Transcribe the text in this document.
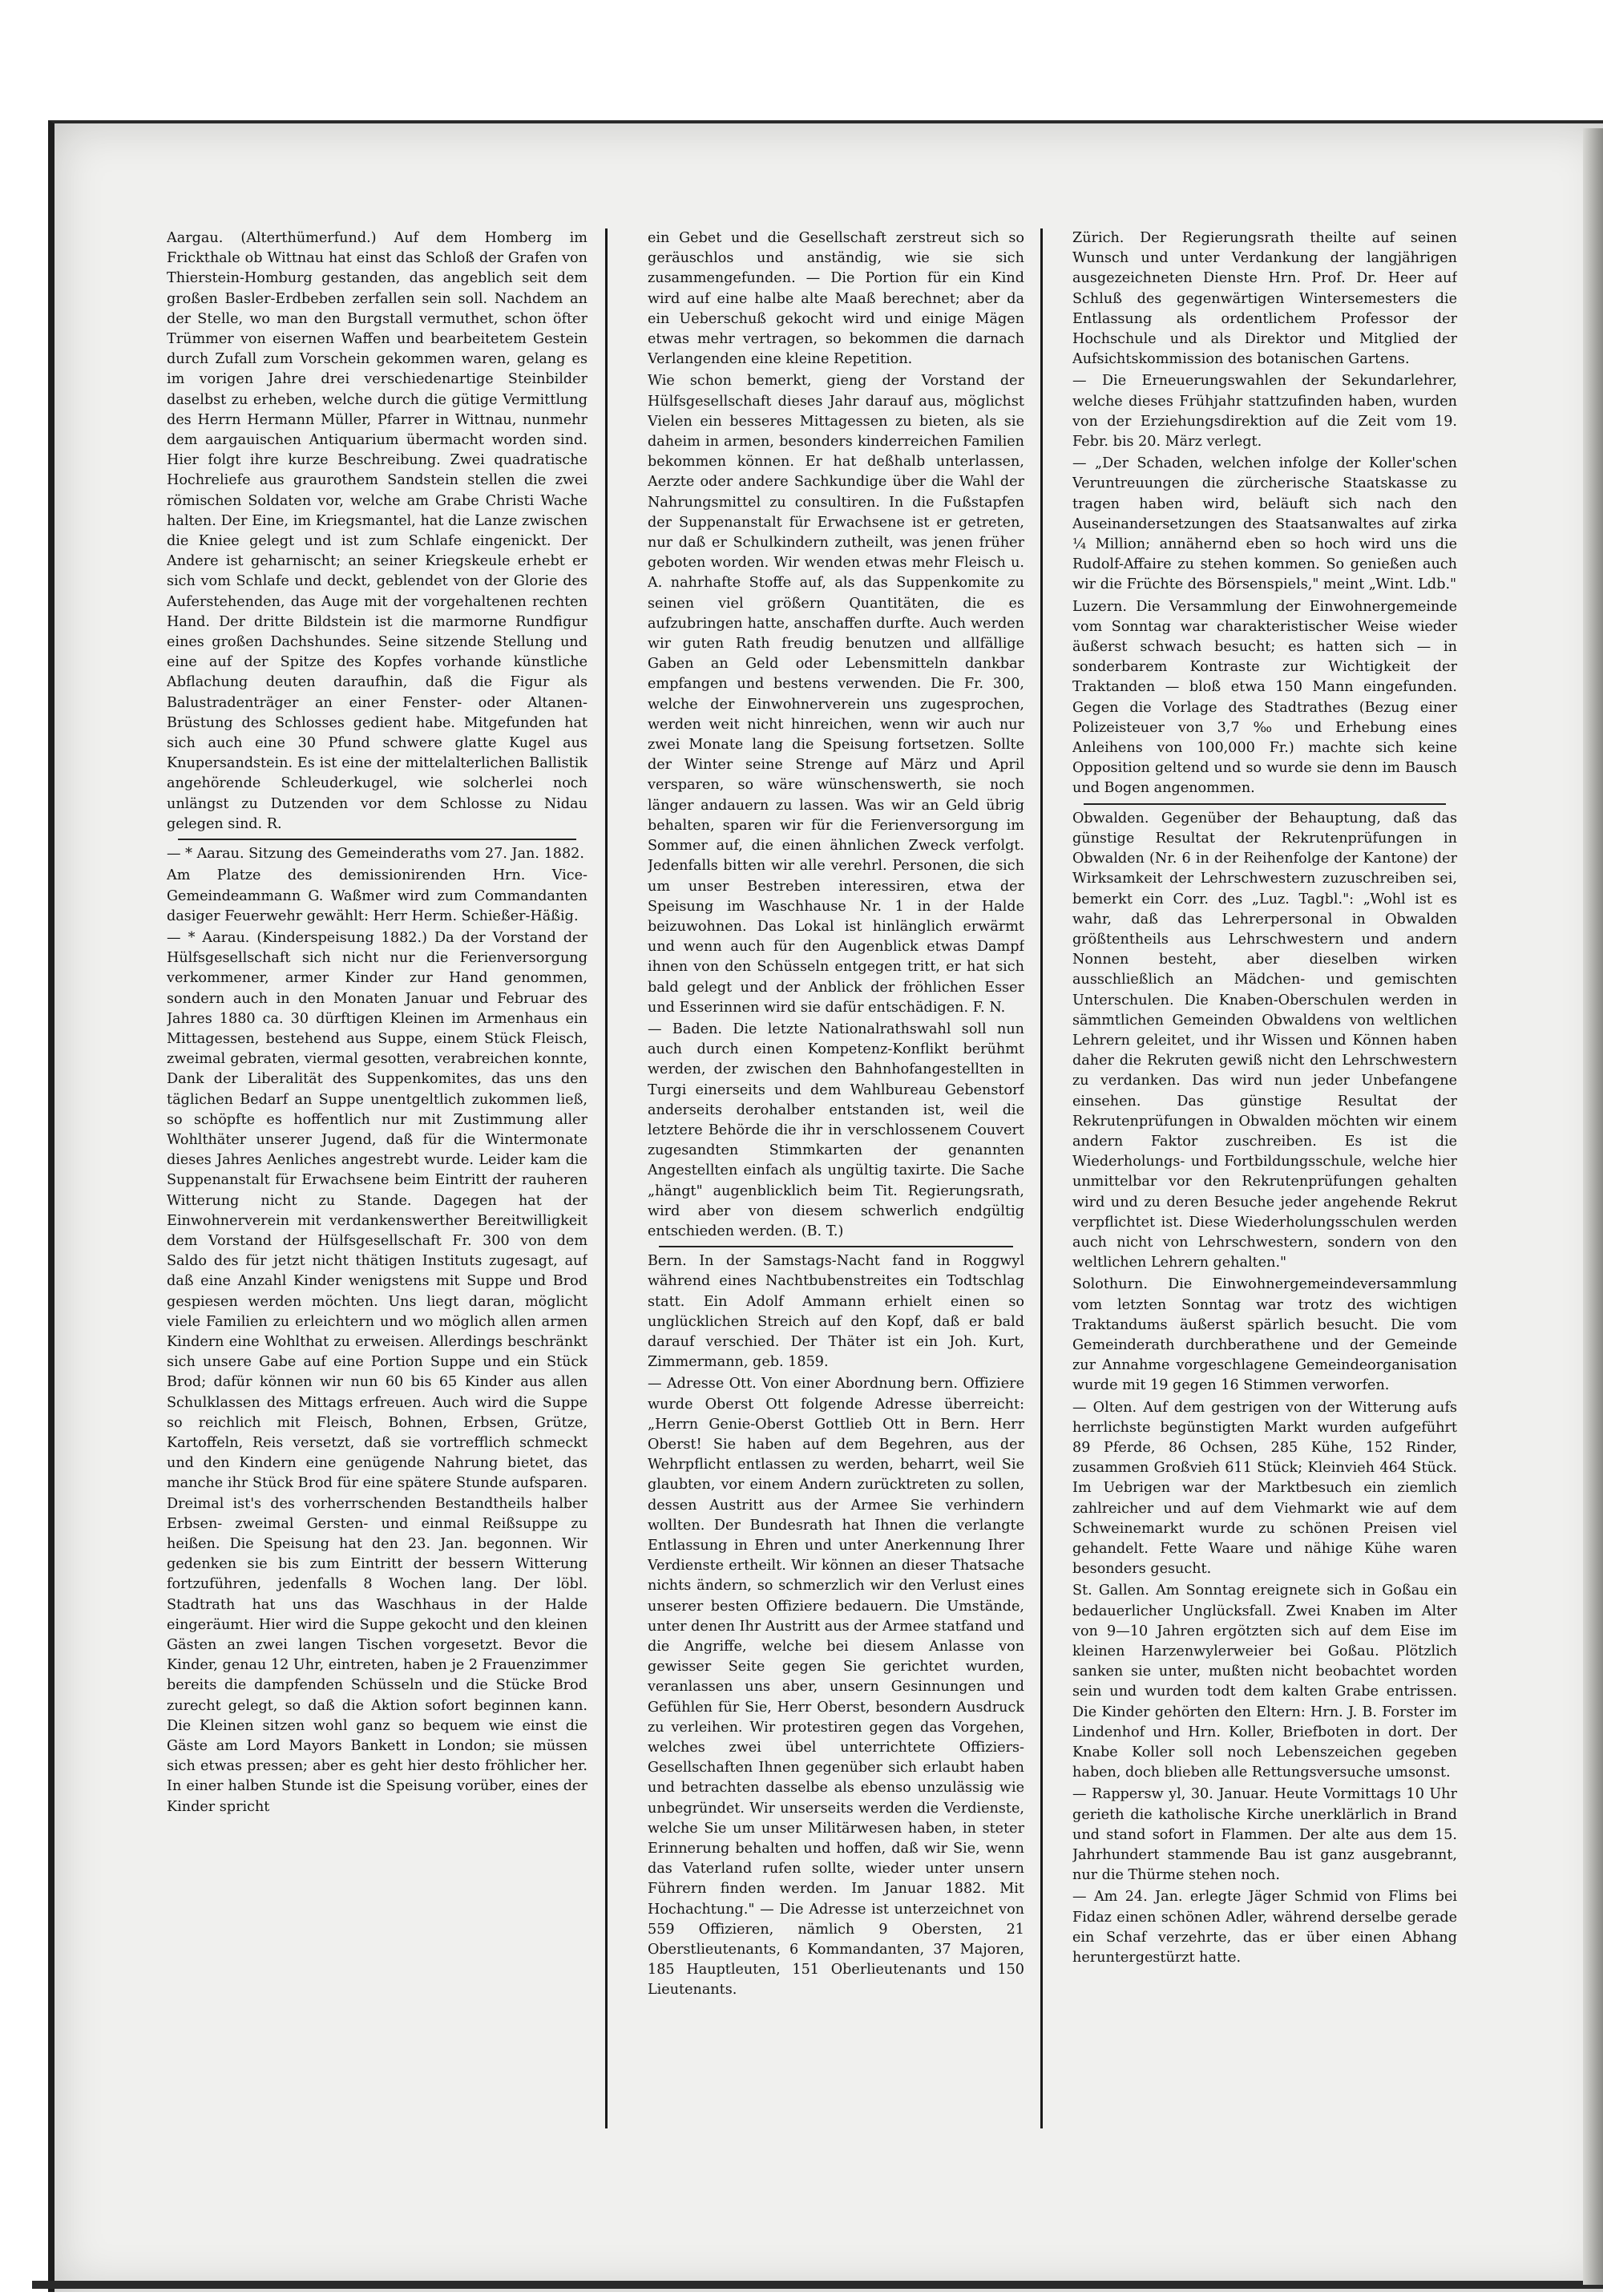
Aargau. (Alterthümerfund.) Auf dem Homberg im Frickthale ob Wittnau hat einst das Schloß der Grafen von Thierstein-Homburg gestanden, das angeblich seit dem großen Basler-Erdbeben zerfallen sein soll. Nachdem an der Stelle, wo man den Burgstall vermuthet, schon öfter Trümmer von eisernen Waffen und bearbeitetem Gestein durch Zufall zum Vorschein gekommen waren, gelang es im vorigen Jahre drei verschiedenartige Steinbilder daselbst zu erheben, welche durch die gütige Vermittlung des Herrn Hermann Müller, Pfarrer in Wittnau, nunmehr dem aargauischen Antiquarium übermacht worden sind. Hier folgt ihre kurze Beschreibung. Zwei quadratische Hochreliefe aus graurothem Sandstein stellen die zwei römischen Soldaten vor, welche am Grabe Christi Wache halten. Der Eine, im Kriegsmantel, hat die Lanze zwischen die Kniee gelegt und ist zum Schlafe eingenickt. Der Andere ist geharnischt; an seiner Kriegskeule erhebt er sich vom Schlafe und deckt, geblendet von der Glorie des Auferstehenden, das Auge mit der vorgehaltenen rechten Hand. Der dritte Bildstein ist die marmorne Rundfigur eines großen Dachshundes. Seine sitzende Stellung und eine auf der Spitze des Kopfes vorhande künstliche Abflachung deuten daraufhin, daß die Figur als Balustradenträger an einer Fenster- oder Altanen-Brüstung des Schlosses gedient habe. Mitgefunden hat sich auch eine 30 Pfund schwere glatte Kugel aus Knupersandstein. Es ist eine der mittelalterlichen Ballistik angehörende Schleuderkugel, wie solcherlei noch unlängst zu Dutzenden vor dem Schlosse zu Nidau gelegen sind. R.

— * Aarau. Sitzung des Gemeinderaths vom 27. Jan. 1882.

Am Platze des demissionirenden Hrn. Vice-Gemeindeammann G. Waßmer wird zum Commandanten dasiger Feuerwehr gewählt: Herr Herm. Schießer-Häßig.

— * Aarau. (Kinderspeisung 1882.) Da der Vorstand der Hülfsgesellschaft sich nicht nur die Ferienversorgung verkommener, armer Kinder zur Hand genommen, sondern auch in den Monaten Januar und Februar des Jahres 1880 ca. 30 dürftigen Kleinen im Armenhaus ein Mittagessen, bestehend aus Suppe, einem Stück Fleisch, zweimal gebraten, viermal gesotten, verabreichen konnte, Dank der Liberalität des Suppenkomites, das uns den täglichen Bedarf an Suppe unentgeltlich zukommen ließ, so schöpfte es hoffentlich nur mit Zustimmung aller Wohlthäter unserer Jugend, daß für die Wintermonate dieses Jahres Aenliches angestrebt wurde. Leider kam die Suppenanstalt für Erwachsene beim Eintritt der rauheren Witterung nicht zu Stande. Dagegen hat der Einwohnerverein mit verdankenswerther Bereitwilligkeit dem Vorstand der Hülfsgesellschaft Fr. 300 von dem Saldo des für jetzt nicht thätigen Instituts zugesagt, auf daß eine Anzahl Kinder wenigstens mit Suppe und Brod gespiesen werden möchten. Uns liegt daran, möglicht viele Familien zu erleichtern und wo möglich allen armen Kindern eine Wohlthat zu erweisen. Allerdings beschränkt sich unsere Gabe auf eine Portion Suppe und ein Stück Brod; dafür können wir nun 60 bis 65 Kinder aus allen Schulklassen des Mittags erfreuen. Auch wird die Suppe so reichlich mit Fleisch, Bohnen, Erbsen, Grütze, Kartoffeln, Reis versetzt, daß sie vortrefflich schmeckt und den Kindern eine genügende Nahrung bietet, das manche ihr Stück Brod für eine spätere Stunde aufsparen. Dreimal ist's des vorherrschenden Bestandtheils halber Erbsen- zweimal Gersten- und einmal Reißsuppe zu heißen. Die Speisung hat den 23. Jan. begonnen. Wir gedenken sie bis zum Eintritt der bessern Witterung fortzuführen, jedenfalls 8 Wochen lang. Der löbl. Stadtrath hat uns das Waschhaus in der Halde eingeräumt. Hier wird die Suppe gekocht und den kleinen Gästen an zwei langen Tischen vorgesetzt. Bevor die Kinder, genau 12 Uhr, eintreten, haben je 2 Frauenzimmer bereits die dampfenden Schüsseln und die Stücke Brod zurecht gelegt, so daß die Aktion sofort beginnen kann. Die Kleinen sitzen wohl ganz so bequem wie einst die Gäste am Lord Mayors Bankett in London; sie müssen sich etwas pressen; aber es geht hier desto fröhlicher her. In einer halben Stunde ist die Speisung vorüber, eines der Kinder spricht

ein Gebet und die Gesellschaft zerstreut sich so geräuschlos und anständig, wie sie sich zusammengefunden. — Die Portion für ein Kind wird auf eine halbe alte Maaß berechnet; aber da ein Ueberschuß gekocht wird und einige Mägen etwas mehr vertragen, so bekommen die darnach Verlangenden eine kleine Repetition.

Wie schon bemerkt, gieng der Vorstand der Hülfsgesellschaft dieses Jahr darauf aus, möglichst Vielen ein besseres Mittagessen zu bieten, als sie daheim in armen, besonders kinderreichen Familien bekommen können. Er hat deßhalb unterlassen, Aerzte oder andere Sachkundige über die Wahl der Nahrungsmittel zu consultiren. In die Fußstapfen der Suppenanstalt für Erwachsene ist er getreten, nur daß er Schulkindern zutheilt, was jenen früher geboten worden. Wir wenden etwas mehr Fleisch u. A. nahrhafte Stoffe auf, als das Suppenkomite zu seinen viel größern Quantitäten, die es aufzubringen hatte, anschaffen durfte. Auch werden wir guten Rath freudig benutzen und allfällige Gaben an Geld oder Lebensmitteln dankbar empfangen und bestens verwenden. Die Fr. 300, welche der Einwohnerverein uns zugesprochen, werden weit nicht hinreichen, wenn wir auch nur zwei Monate lang die Speisung fortsetzen. Sollte der Winter seine Strenge auf März und April versparen, so wäre wünschenswerth, sie noch länger andauern zu lassen. Was wir an Geld übrig behalten, sparen wir für die Ferienversorgung im Sommer auf, die einen ähnlichen Zweck verfolgt. Jedenfalls bitten wir alle verehrl. Personen, die sich um unser Bestreben interessiren, etwa der Speisung im Waschhause Nr. 1 in der Halde beizuwohnen. Das Lokal ist hinlänglich erwärmt und wenn auch für den Augenblick etwas Dampf ihnen von den Schüsseln entgegen tritt, er hat sich bald gelegt und der Anblick der fröhlichen Esser und Esserinnen wird sie dafür entschädigen. F. N.

— Baden. Die letzte Nationalrathswahl soll nun auch durch einen Kompetenz-Konflikt berühmt werden, der zwischen den Bahnhofangestellten in Turgi einerseits und dem Wahlbureau Gebenstorf anderseits derohalber entstanden ist, weil die letztere Behörde die ihr in verschlossenem Couvert zugesandten Stimmkarten der genannten Angestellten einfach als ungültig taxirte. Die Sache „hängt" augenblicklich beim Tit. Regierungsrath, wird aber von diesem schwerlich endgültig entschieden werden. (B. T.)

Bern. In der Samstags-Nacht fand in Roggwyl während eines Nachtbubenstreites ein Todtschlag statt. Ein Adolf Ammann erhielt einen so unglücklichen Streich auf den Kopf, daß er bald darauf verschied. Der Thäter ist ein Joh. Kurt, Zimmermann, geb. 1859.

— Adresse Ott. Von einer Abordnung bern. Offiziere wurde Oberst Ott folgende Adresse überreicht: „Herrn Genie-Oberst Gottlieb Ott in Bern. Herr Oberst! Sie haben auf dem Begehren, aus der Wehrpflicht entlassen zu werden, beharrt, weil Sie glaubten, vor einem Andern zurücktreten zu sollen, dessen Austritt aus der Armee Sie verhindern wollten. Der Bundesrath hat Ihnen die verlangte Entlassung in Ehren und unter Anerkennung Ihrer Verdienste ertheilt. Wir können an dieser Thatsache nichts ändern, so schmerzlich wir den Verlust eines unserer besten Offiziere bedauern. Die Umstände, unter denen Ihr Austritt aus der Armee statfand und die Angriffe, welche bei diesem Anlasse von gewisser Seite gegen Sie gerichtet wurden, veranlassen uns aber, unsern Gesinnungen und Gefühlen für Sie, Herr Oberst, besondern Ausdruck zu verleihen. Wir protestiren gegen das Vorgehen, welches zwei übel unterrichtete Offiziers-Gesellschaften Ihnen gegenüber sich erlaubt haben und betrachten dasselbe als ebenso unzulässig wie unbegründet. Wir unserseits werden die Verdienste, welche Sie um unser Militärwesen haben, in steter Erinnerung behalten und hoffen, daß wir Sie, wenn das Vaterland rufen sollte, wieder unter unsern Führern finden werden. Im Januar 1882. Mit Hochachtung." — Die Adresse ist unterzeichnet von 559 Offizieren, nämlich 9 Obersten, 21 Oberstlieutenants, 6 Kommandanten, 37 Majoren, 185 Hauptleuten, 151 Oberlieutenants und 150 Lieutenants.

Zürich. Der Regierungsrath theilte auf seinen Wunsch und unter Verdankung der langjährigen ausgezeichneten Dienste Hrn. Prof. Dr. Heer auf Schluß des gegenwärtigen Wintersemesters die Entlassung als ordentlichem Professor der Hochschule und als Direktor und Mitglied der Aufsichtskommission des botanischen Gartens.

— Die Erneuerungswahlen der Sekundarlehrer, welche dieses Frühjahr stattzufinden haben, wurden von der Erziehungsdirektion auf die Zeit vom 19. Febr. bis 20. März verlegt.

— „Der Schaden, welchen infolge der Koller'schen Veruntreuungen die zürcherische Staatskasse zu tragen haben wird, beläuft sich nach den Auseinandersetzungen des Staatsanwaltes auf zirka ¼ Million; annähernd eben so hoch wird uns die Rudolf-Affaire zu stehen kommen. So genießen auch wir die Früchte des Börsenspiels," meint „Wint. Ldb."

Luzern. Die Versammlung der Einwohnergemeinde vom Sonntag war charakteristischer Weise wieder äußerst schwach besucht; es hatten sich — in sonderbarem Kontraste zur Wichtigkeit der Traktanden — bloß etwa 150 Mann eingefunden. Gegen die Vorlage des Stadtrathes (Bezug einer Polizeisteuer von 3,7 ‰ und Erhebung eines Anleihens von 100,000 Fr.) machte sich keine Opposition geltend und so wurde sie denn im Bausch und Bogen angenommen.

Obwalden. Gegenüber der Behauptung, daß das günstige Resultat der Rekrutenprüfungen in Obwalden (Nr. 6 in der Reihenfolge der Kantone) der Wirksamkeit der Lehrschwestern zuzuschreiben sei, bemerkt ein Corr. des „Luz. Tagbl.": „Wohl ist es wahr, daß das Lehrerpersonal in Obwalden größtentheils aus Lehrschwestern und andern Nonnen besteht, aber dieselben wirken ausschließlich an Mädchen- und gemischten Unterschulen. Die Knaben-Oberschulen werden in sämmtlichen Gemeinden Obwaldens von weltlichen Lehrern geleitet, und ihr Wissen und Können haben daher die Rekruten gewiß nicht den Lehrschwestern zu verdanken. Das wird nun jeder Unbefangene einsehen. Das günstige Resultat der Rekrutenprüfungen in Obwalden möchten wir einem andern Faktor zuschreiben. Es ist die Wiederholungs- und Fortbildungsschule, welche hier unmittelbar vor den Rekrutenprüfungen gehalten wird und zu deren Besuche jeder angehende Rekrut verpflichtet ist. Diese Wiederholungsschulen werden auch nicht von Lehrschwestern, sondern von den weltlichen Lehrern gehalten."

Solothurn. Die Einwohnergemeindeversammlung vom letzten Sonntag war trotz des wichtigen Traktandums äußerst spärlich besucht. Die vom Gemeinderath durchberathene und der Gemeinde zur Annahme vorgeschlagene Gemeindeorganisation wurde mit 19 gegen 16 Stimmen verworfen.

— Olten. Auf dem gestrigen von der Witterung aufs herrlichste begünstigten Markt wurden aufgeführt 89 Pferde, 86 Ochsen, 285 Kühe, 152 Rinder, zusammen Großvieh 611 Stück; Kleinvieh 464 Stück. Im Uebrigen war der Marktbesuch ein ziemlich zahlreicher und auf dem Viehmarkt wie auf dem Schweinemarkt wurde zu schönen Preisen viel gehandelt. Fette Waare und nähige Kühe waren besonders gesucht.

St. Gallen. Am Sonntag ereignete sich in Goßau ein bedauerlicher Unglücksfall. Zwei Knaben im Alter von 9—10 Jahren ergötzten sich auf dem Eise im kleinen Harzenwylerweier bei Goßau. Plötzlich sanken sie unter, mußten nicht beobachtet worden sein und wurden todt dem kalten Grabe entrissen. Die Kinder gehörten den Eltern: Hrn. J. B. Forster im Lindenhof und Hrn. Koller, Briefboten in dort. Der Knabe Koller soll noch Lebenszeichen gegeben haben, doch blieben alle Rettungsversuche umsonst.

— Rappersw yl, 30. Januar. Heute Vormittags 10 Uhr gerieth die katholische Kirche unerklärlich in Brand und stand sofort in Flammen. Der alte aus dem 15. Jahrhundert stammende Bau ist ganz ausgebrannt, nur die Thürme stehen noch.

— Am 24. Jan. erlegte Jäger Schmid von Flims bei Fidaz einen schönen Adler, während derselbe gerade ein Schaf verzehrte, das er über einen Abhang heruntergestürzt hatte.
